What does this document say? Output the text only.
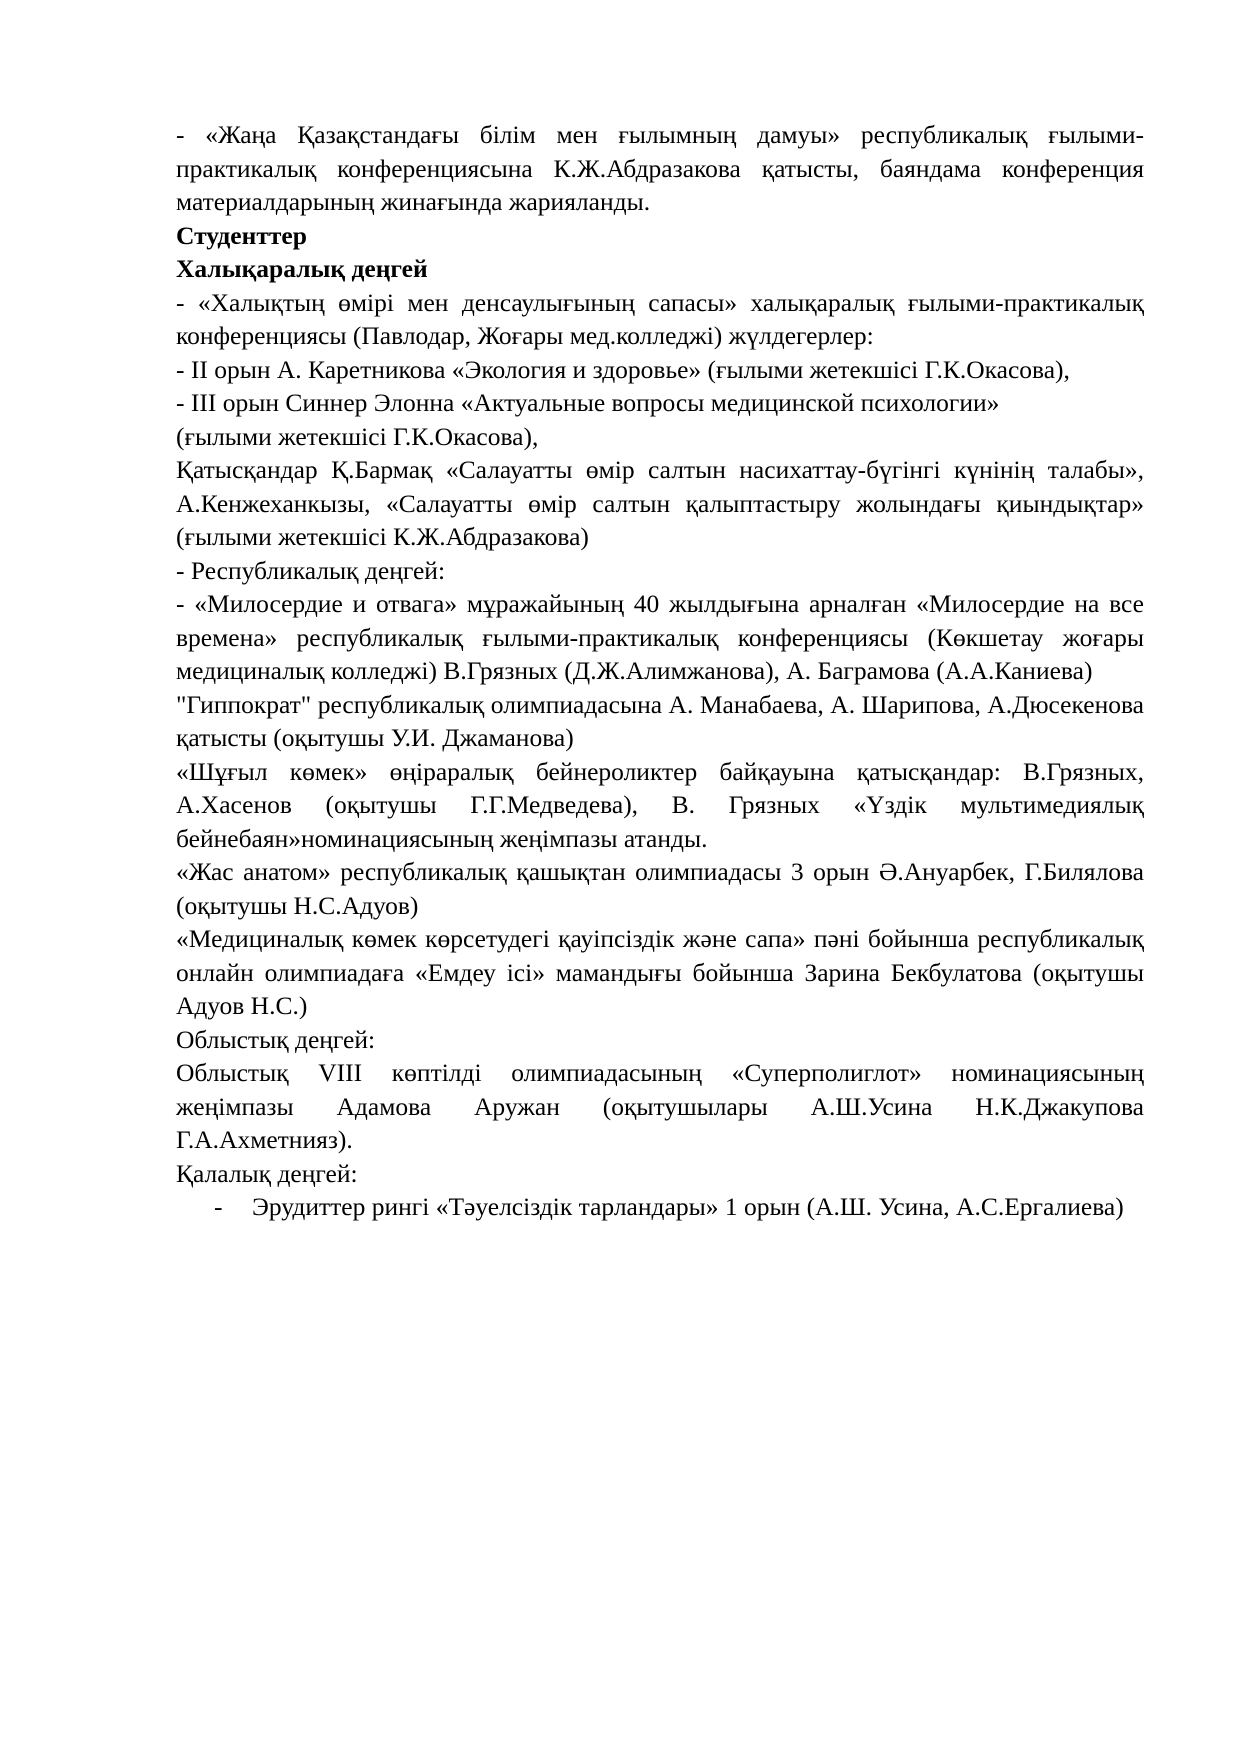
- «Жаңа Қазақстандағы білім мен ғылымның дамуы» республикалық ғылыми-практикалық конференциясына К.Ж.Абдразакова қатысты, баяндама конференция материалдарының жинағында жарияланды.

Студенттер

Халықаралық деңгей

- «Халықтың өмірі мен денсаулығының сапасы» халықаралық ғылыми-практикалық конференциясы (Павлодар, Жоғары мед.колледжі) жүлдегерлер:

- II орын А. Каретникова «Экология и здоровье» (ғылыми жетекшісі Г.К.Окасова),

- III орын Синнер Элонна «Актуальные вопросы медицинской психологии»

(ғылыми жетекшісі Г.К.Окасова),

Қатысқандар Қ.Бармақ «Салауатты өмір салтын насихаттау-бүгінгі күнінің талабы», А.Кенжеханкызы, «Салауатты өмір салтын қалыптастыру жолындағы қиындықтар» (ғылыми жетекшісі К.Ж.Абдразакова)

- Республикалық деңгей:

- «Милосердие и отвага» мұражайының 40 жылдығына арналған «Милосердие на все времена» республикалық ғылыми-практикалық конференциясы (Көкшетау жоғары медициналық колледжі) В.Грязных (Д.Ж.Алимжанова), А. Баграмова (А.А.Каниева)

"Гиппократ" республикалық олимпиадасына А. Манабаева, А. Шарипова, А.Дюсекенова қатысты (оқытушы У.И. Джаманова)

«Шұғыл көмек» өңіраралық бейнероликтер байқауына қатысқандар: В.Грязных, А.Хасенов (оқытушы Г.Г.Медведева), В. Грязных «Үздік мультимедиялық бейнебаян»номинациясының жеңімпазы атанды.

«Жас анатом» республикалық қашықтан олимпиадасы 3 орын Ә.Ануарбек, Г.Билялова (оқытушы Н.С.Адуов)

«Медициналық көмек көрсетудегі қауіпсіздік және сапа» пәні бойынша республикалық онлайн олимпиадаға «Емдеу ісі» мамандығы бойынша Зарина Бекбулатова (оқытушы Адуов Н.С.)

Облыстық деңгей:

Облыстық VIII көптілді олимпиадасының «Суперполиглот» номинациясының жеңімпазы Адамова Аружан (оқытушылары А.Ш.Усина Н.К.Джакупова Г.А.Ахметнияз).

Қалалық деңгей:

- Эрудиттер рингі «Тәуелсіздік тарландары» 1 орын (А.Ш. Усина, А.С.Ергалиева)
